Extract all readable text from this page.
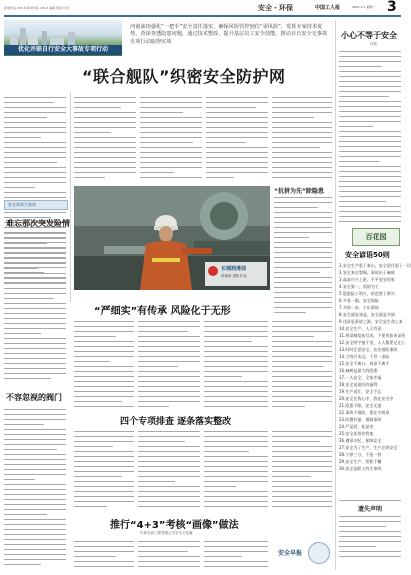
新闻热线 025-8 新闻传真 025-8 编辑 组版 校对	安全・环保	中国工人报	2021.3.1 星期一 3
优化并联自行安全大事故专项行动
河南油田强化“一把手”安全责任落实，确保风险管控到位“零风险”，发挥专家技术优势，查深查透隐患问题，通过技术整改，提升基层员工安全技能，推动百日安全无事故专项行动取得实效
“联合舰队”织密安全防护网
安全故事大家讲
难忘那次突发险情
不容忽视的阀门
长城润滑油
杨维新 摄影作品
“抗拼为先”除隐患
“严细实”有传承 风险化于无形
四个专项排查 逐条落实整改
推行“4+3”考核“画像”做法
中原石油工程有限公司安全文化篇
安全早报
小心不等于安全
许波
百花园
安全谚语50则
1.安全生产重于泰山，安全责任重于一切
2.安全来自警惕，事故出于麻痹
3.高高兴兴上班，平平安安回家
4.安全第一，预防为主
5.隐患险于明火，防范胜于救灾
6.多看一眼，安全保险
7.多防一步，少出事故
8.安全就是效益，安全就是幸福
9.违章是事故之源，安全是生命之本
10.安全生产，人人有责
11.规章制度血写成，不要用血来证明
12.安全两字值千金，人人都要记在心
13.时时注意安全，处处预防事故
14.宁绕百米远，不冒一步险
15.安全不离口，规章不离手
16.麻痹是最大的隐患
17.一人安全，全家幸福
18.安全是最好的福利
19.生产再忙，安全不忘
20.安全在我心中，我在安全中
21.隐患不除，安全无望
22.事故不难防，重在守规章
23.防微杜渐，遏制事故
24.严是爱，松是害
25.安全连着你我他
26.遵章守纪，保障安全
27.安全为了生产，生产必须安全
28.宁停三分，不抢一秒
29.安全生产，常抓不懈
30.安全是职工的生命线
遗失声明
